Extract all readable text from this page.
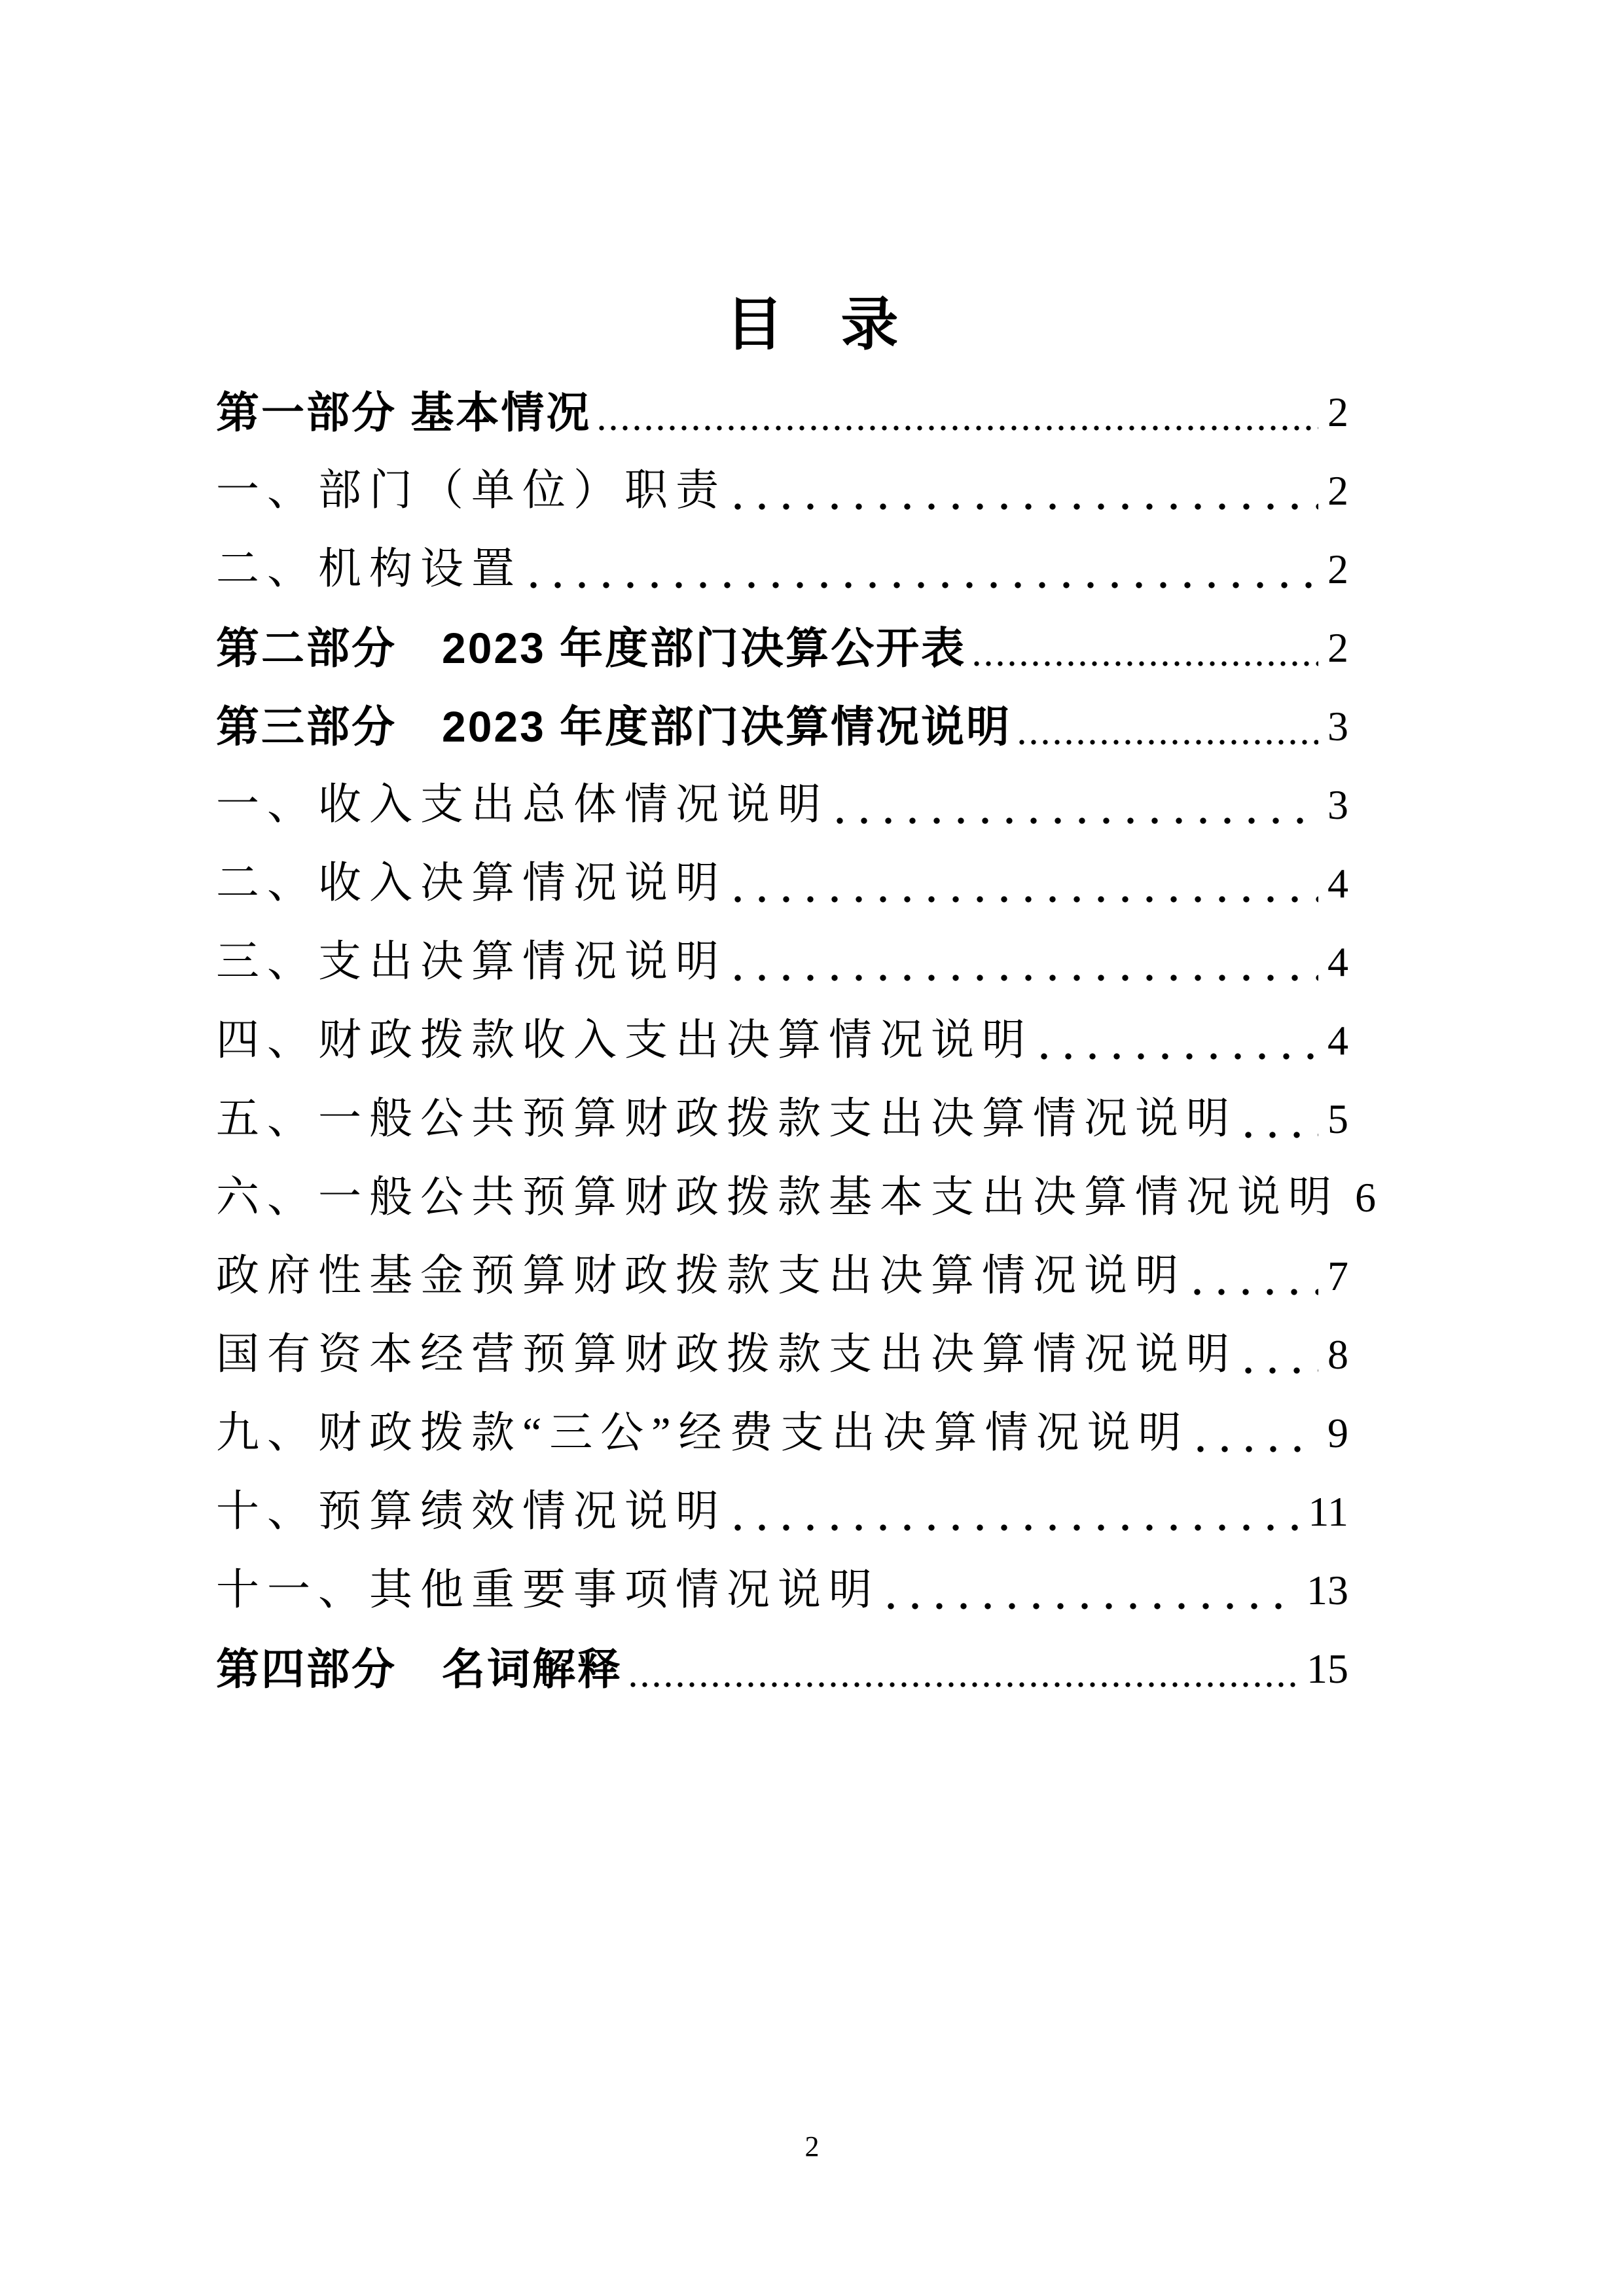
目　录
第一部分 基本情况	2
一、部门（单位）职责	2
二、机构设置	2
第二部分　2023 年度部门决算公开表	2
第三部分　2023 年度部门决算情况说明	3
一、收入支出总体情况说明	3
二、收入决算情况说明	4
三、支出决算情况说明	4
四、财政拨款收入支出决算情况说明	4
五、一般公共预算财政拨款支出决算情况说明 5
六、一般公共预算财政拨款基本支出决算情况说明 6
政府性基金预算财政拨款支出决算情况说明	7
国有资本经营预算财政拨款支出决算情况说明 8
九、财政拨款“三公”经费支出决算情况说明	9
十、预算绩效情况说明	11
十一、其他重要事项情况说明	13
第四部分　名词解释	15
2
